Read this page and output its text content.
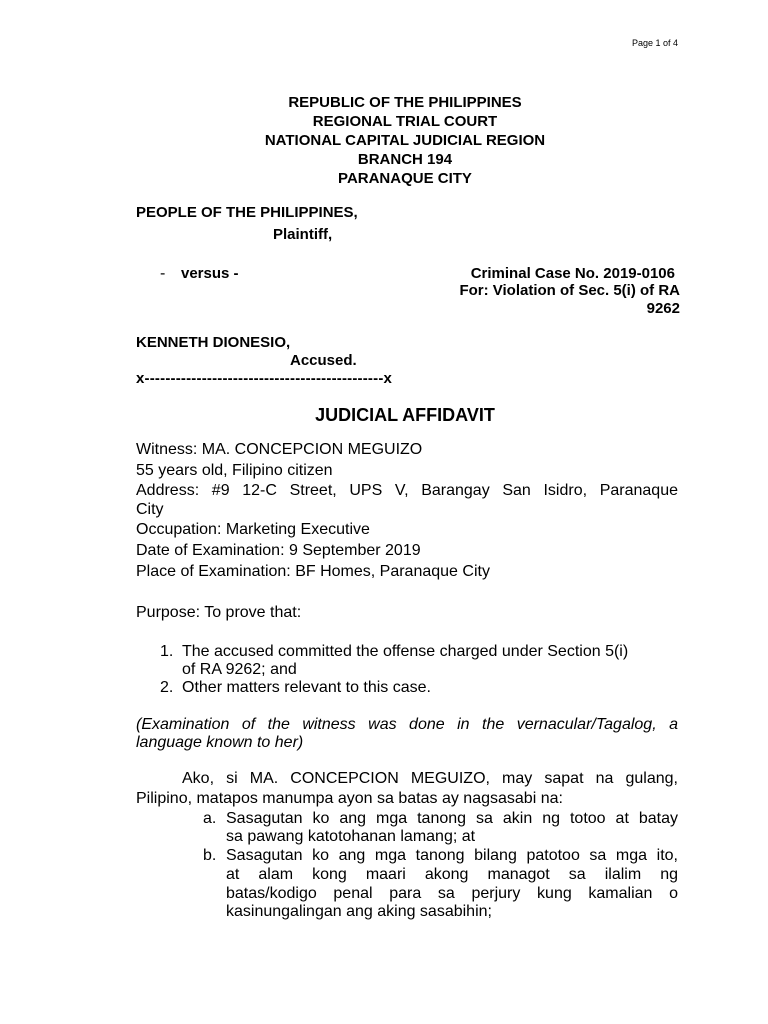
Page 1 of 4
REPUBLIC OF THE PHILIPPINES
REGIONAL TRIAL COURT
NATIONAL CAPITAL JUDICIAL REGION
BRANCH 194
PARANAQUE CITY
PEOPLE OF THE PHILIPPINES,
Plaintiff,
- versus -	Criminal Case No. 2019-0106
For: Violation of Sec. 5(i) of RA
9262
KENNETH DIONESIO,
Accused.
x----------------------------------------------x
JUDICIAL AFFIDAVIT
Witness: MA. CONCEPCION MEGUIZO
55 years old, Filipino citizen
Address: #9 12-C Street, UPS V, Barangay San Isidro, Paranaque
City
Occupation: Marketing Executive
Date of Examination: 9 September 2019
Place of Examination: BF Homes, Paranaque City
Purpose: To prove that:
1. The accused committed the offense charged under Section 5(i)
of RA 9262; and
2. Other matters relevant to this case.
(Examination of the witness was done in the vernacular/Tagalog, a
language known to her)
Ako, si MA. CONCEPCION MEGUIZO, may sapat na gulang,
Pilipino, matapos manumpa ayon sa batas ay nagsasabi na:
a. Sasagutan ko ang mga tanong sa akin ng totoo at batay
sa pawang katotohanan lamang; at
b. Sasagutan ko ang mga tanong bilang patotoo sa mga ito,
at alam kong maari akong managot sa ilalim ng
batas/kodigo penal para sa perjury kung kamalian o
kasinungalingan ang aking sasabihin;
